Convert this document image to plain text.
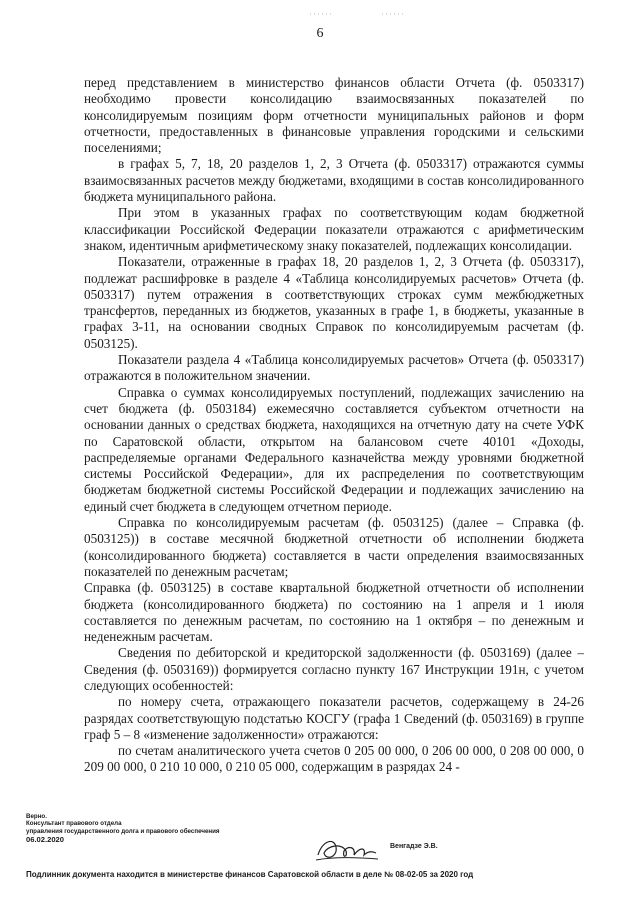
6

перед представлением в министерство финансов области Отчета (ф. 0503317) необходимо провести консолидацию взаимосвязанных показателей по консолидируемым позициям форм отчетности муниципальных районов и форм отчетности, предоставленных в финансовые управления городскими и сельскими поселениями;

в графах 5, 7, 18, 20 разделов 1, 2, 3 Отчета (ф. 0503317) отражаются суммы взаимосвязанных расчетов между бюджетами, входящими в состав консолидированного бюджета муниципального района.

При этом в указанных графах по соответствующим кодам бюджетной классификации Российской Федерации показатели отражаются с арифметическим знаком, идентичным арифметическому знаку показателей, подлежащих консолидации.

Показатели, отраженные в графах 18, 20 разделов 1, 2, 3 Отчета (ф. 0503317), подлежат расшифровке в разделе 4 «Таблица консолидируемых расчетов» Отчета (ф. 0503317) путем отражения в соответствующих строках сумм межбюджетных трансфертов, переданных из бюджетов, указанных в графе 1, в бюджеты, указанные в графах 3-11, на основании сводных Справок по консолидируемым расчетам (ф. 0503125).

Показатели раздела 4 «Таблица консолидируемых расчетов» Отчета (ф. 0503317) отражаются в положительном значении.

Справка о суммах консолидируемых поступлений, подлежащих зачислению на счет бюджета (ф. 0503184) ежемесячно составляется субъектом отчетности на основании данных о средствах бюджета, находящихся на отчетную дату на счете УФК по Саратовской области, открытом на балансовом счете 40101 «Доходы, распределяемые органами Федерального казначейства между уровнями бюджетной системы Российской Федерации», для их распределения по соответствующим бюджетам бюджетной системы Российской Федерации и подлежащих зачислению на единый счет бюджета в следующем отчетном периоде.

Справка по консолидируемым расчетам (ф. 0503125) (далее – Справка (ф. 0503125)) в составе месячной бюджетной отчетности об исполнении бюджета (консолидированного бюджета) составляется в части определения взаимосвязанных показателей по денежным расчетам;

Справка (ф. 0503125) в составе квартальной бюджетной отчетности об исполнении бюджета (консолидированного бюджета) по состоянию на 1 апреля и 1 июля составляется по денежным расчетам, по состоянию на 1 октября – по денежным и неденежным расчетам.

Сведения по дебиторской и кредиторской задолженности (ф. 0503169) (далее – Сведения (ф. 0503169)) формируется согласно пункту 167 Инструкции 191н, с учетом следующих особенностей:

по номеру счета, отражающего показатели расчетов, содержащему в 24-26 разрядах соответствующую подстатью КОСГУ (графа 1 Сведений (ф. 0503169) в группе граф 5 – 8 «изменение задолженности» отражаются:

по счетам аналитического учета счетов 0 205 00 000, 0 206 00 000, 0 208 00 000, 0 209 00 000, 0 210 10 000, 0 210 05 000, содержащим в разрядах 24 -

Верно.
Консультант правового отдела
управления государственного долга и правового обеспечения
06.02.2020
Венгадзе Э.В.
Подлинник документа находится в министерстве финансов Саратовской области в деле № 08-02-05 за 2020 год
